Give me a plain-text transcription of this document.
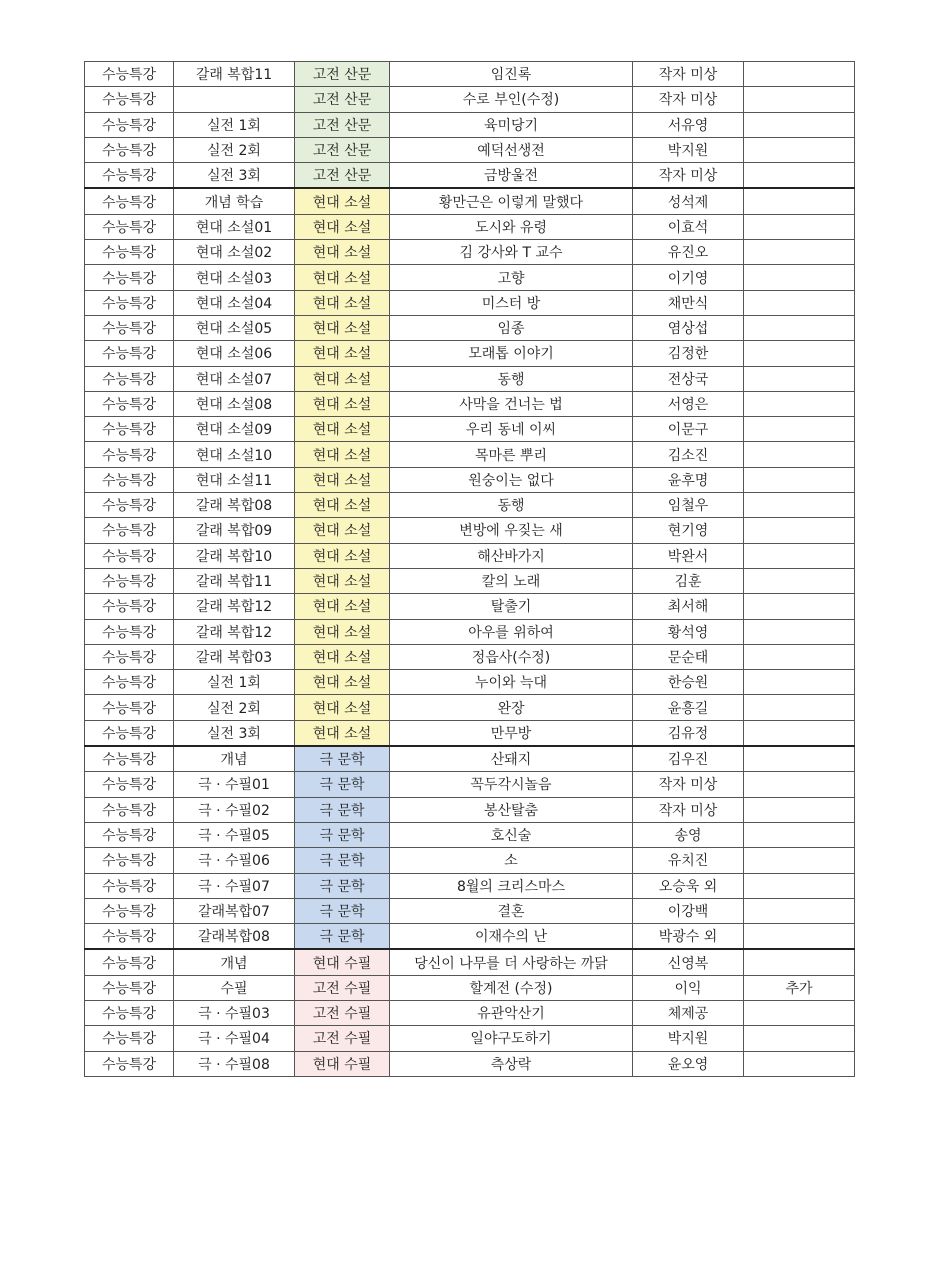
수능특강	갈래 복합11	고전 산문	임진록	작자 미상	
수능특강		고전 산문	수로 부인(수정)	작자 미상	
수능특강	실전 1회	고전 산문	육미당기	서유영	
수능특강	실전 2회	고전 산문	예덕선생전	박지원	
수능특강	실전 3회	고전 산문	금방울전	작자 미상	
수능특강	개념 학습	현대 소설	황만근은 이렇게 말했다	성석제	
수능특강	현대 소설01	현대 소설	도시와 유령	이효석	
수능특강	현대 소설02	현대 소설	김 강사와 T 교수	유진오	
수능특강	현대 소설03	현대 소설	고향	이기영	
수능특강	현대 소설04	현대 소설	미스터 방	채만식	
수능특강	현대 소설05	현대 소설	임종	염상섭	
수능특강	현대 소설06	현대 소설	모래톱 이야기	김정한	
수능특강	현대 소설07	현대 소설	동행	전상국	
수능특강	현대 소설08	현대 소설	사막을 건너는 법	서영은	
수능특강	현대 소설09	현대 소설	우리 동네 이씨	이문구	
수능특강	현대 소설10	현대 소설	목마른 뿌리	김소진	
수능특강	현대 소설11	현대 소설	원숭이는 없다	윤후명	
수능특강	갈래 복합08	현대 소설	동행	임철우	
수능특강	갈래 복합09	현대 소설	변방에 우짖는 새	현기영	
수능특강	갈래 복합10	현대 소설	해산바가지	박완서	
수능특강	갈래 복합11	현대 소설	칼의 노래	김훈	
수능특강	갈래 복합12	현대 소설	탈출기	최서해	
수능특강	갈래 복합12	현대 소설	아우를 위하여	황석영	
수능특강	갈래 복합03	현대 소설	정읍사(수정)	문순태	
수능특강	실전 1회	현대 소설	누이와 늑대	한승원	
수능특강	실전 2회	현대 소설	완장	윤흥길	
수능특강	실전 3회	현대 소설	만무방	김유정	
수능특강	개념	극 문학	산돼지	김우진	
수능특강	극 · 수필01	극 문학	꼭두각시놀음	작자 미상	
수능특강	극 · 수필02	극 문학	봉산탈춤	작자 미상	
수능특강	극 · 수필05	극 문학	호신술	송영	
수능특강	극 · 수필06	극 문학	소	유치진	
수능특강	극 · 수필07	극 문학	8월의 크리스마스	오승욱 외	
수능특강	갈래복합07	극 문학	결혼	이강백	
수능특강	갈래복합08	극 문학	이재수의 난	박광수 외	
수능특강	개념	현대 수필	당신이 나무를 더 사랑하는 까닭	신영복	
수능특강	수필	고전 수필	할계전 (수정)	이익	추가
수능특강	극 · 수필03	고전 수필	유관악산기	체제공	
수능특강	극 · 수필04	고전 수필	일야구도하기	박지원	
수능특강	극 · 수필08	현대 수필	측상락	윤오영	
